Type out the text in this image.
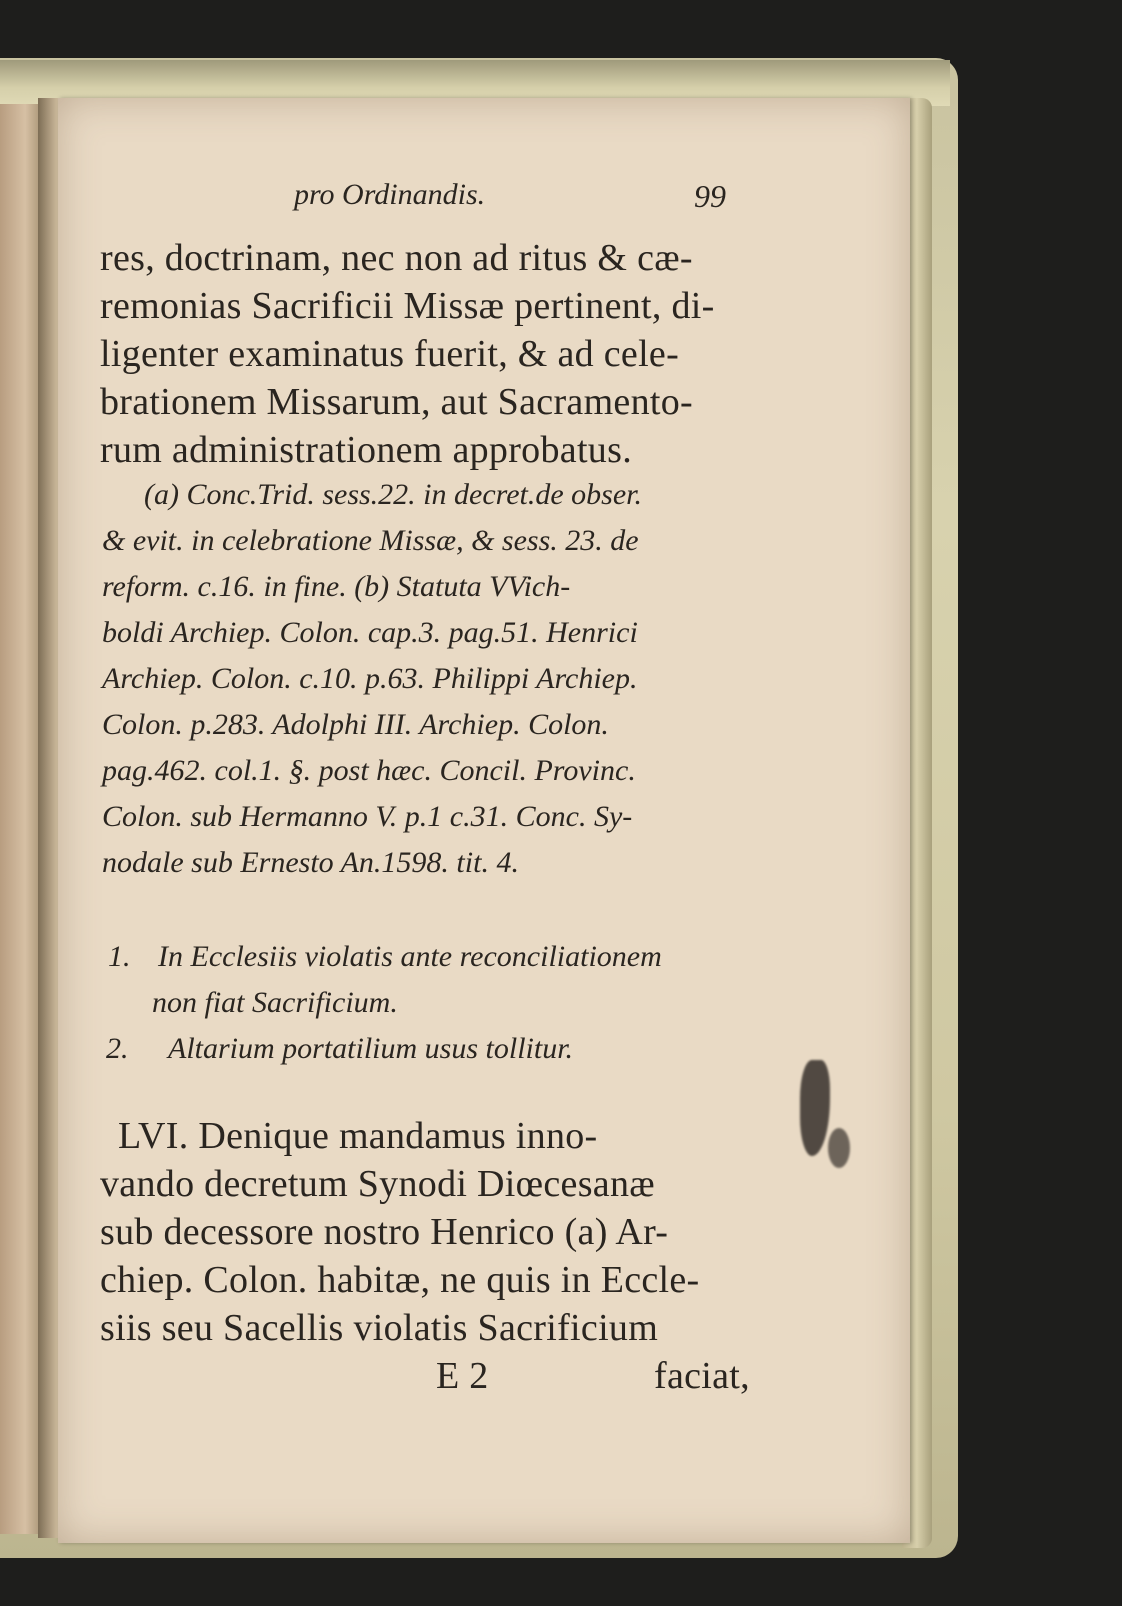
pro Ordinandis.	99
res, doctrinam, nec non ad ritus & cæ-
remonias Sacrificii Missæ pertinent, di-
ligenter examinatus fuerit, & ad cele-
brationem Missarum, aut Sacramento-
rum administrationem approbatus.
(a) Conc.Trid. sess.22. in decret.de obser.
& evit. in celebratione Missæ, & sess. 23. de
reform. c.16. in fine. (b) Statuta VVich-
boldi Archiep. Colon. cap.3. pag.51. Henrici
Archiep. Colon. c.10. p.63. Philippi Archiep.
Colon. p.283. Adolphi III. Archiep. Colon.
pag.462. col.1. §. post hæc. Concil. Provinc.
Colon. sub Hermanno V. p.1 c.31. Conc. Sy-
nodale sub Ernesto An.1598. tit. 4.
1. In Ecclesiis violatis ante reconciliationem
non fiat Sacrificium.
2. Altarium portatilium usus tollitur.
LVI. Denique mandamus inno-
vando decretum Synodi Diœcesanæ
sub decessore nostro Henrico (a) Ar-
chiep. Colon. habitæ, ne quis in Eccle-
siis seu Sacellis violatis Sacrificium
E 2	faciat,
